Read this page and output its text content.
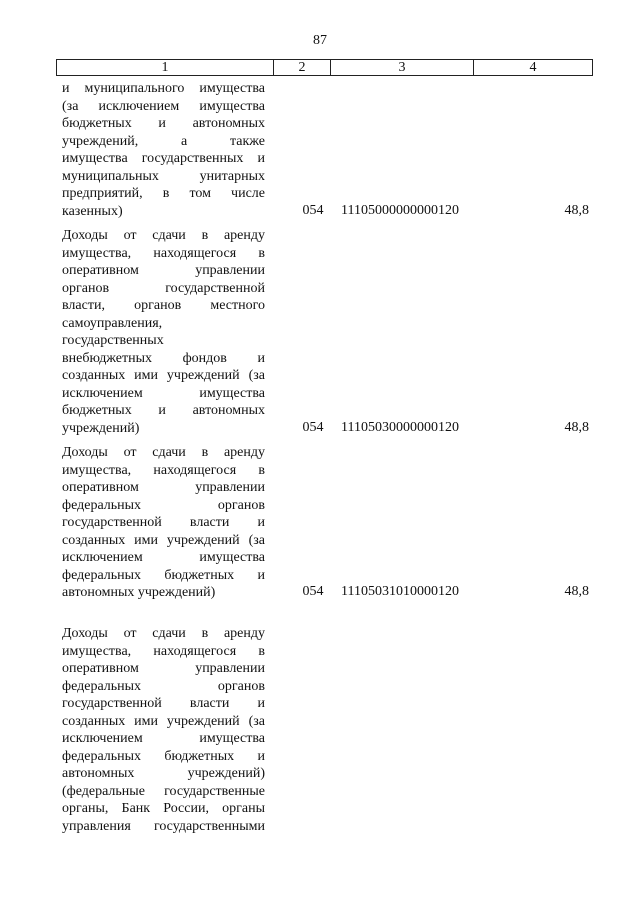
87
1	2	3	4
и муниципального имущества
(за исключением имущества
бюджетных и автономных
учреждений, а также
имущества государственных и
муниципальных унитарных
предприятий, в том числе
казенных)	054	11105000000000120	48,8
Доходы от сдачи в аренду
имущества, находящегося в
оперативном управлении
органов государственной
власти, органов местного
самоуправления,
государственных
внебюджетных фондов и
созданных ими учреждений (за
исключением имущества
бюджетных и автономных
учреждений)	054	11105030000000120	48,8
Доходы от сдачи в аренду
имущества, находящегося в
оперативном управлении
федеральных органов
государственной власти и
созданных ими учреждений (за
исключением имущества
федеральных бюджетных и
автономных учреждений)	054	11105031010000120	48,8
Доходы от сдачи в аренду
имущества, находящегося в
оперативном управлении
федеральных органов
государственной власти и
созданных ими учреждений (за
исключением имущества
федеральных бюджетных и
автономных учреждений)
(федеральные государственные
органы, Банк России, органы
управления государственными
